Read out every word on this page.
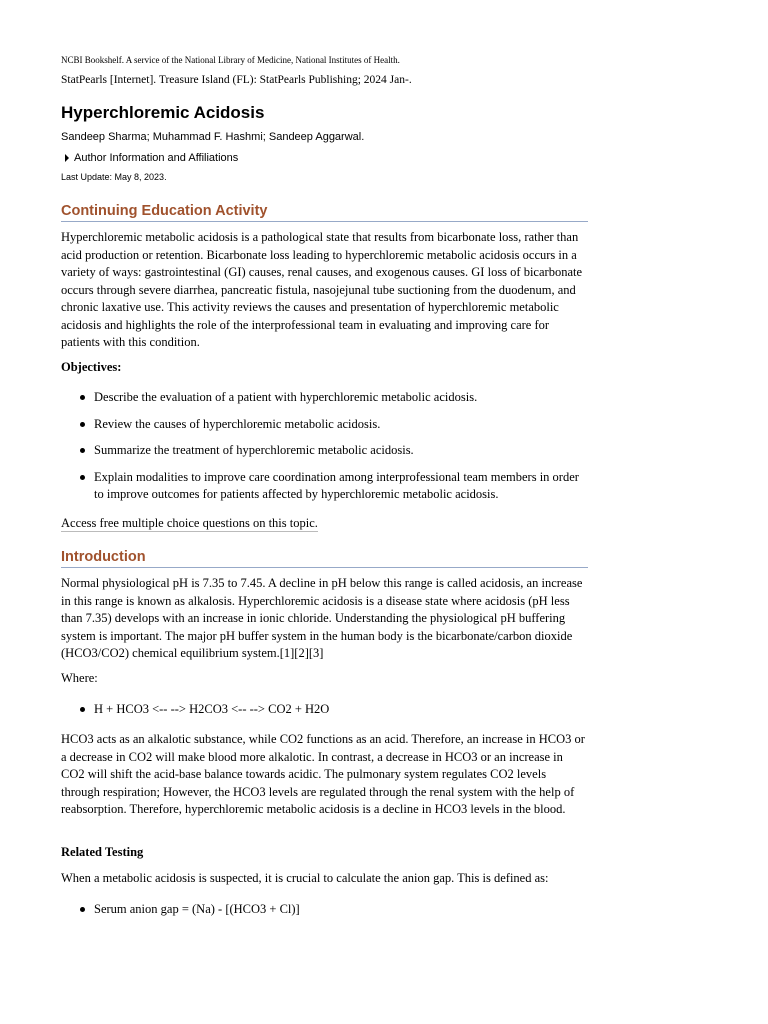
NCBI Bookshelf. A service of the National Library of Medicine, National Institutes of Health.
StatPearls [Internet]. Treasure Island (FL): StatPearls Publishing; 2024 Jan-.
Hyperchloremic Acidosis
Sandeep Sharma; Muhammad F. Hashmi; Sandeep Aggarwal.
Author Information and Affiliations
Last Update: May 8, 2023.
Continuing Education Activity

Hyperchloremic metabolic acidosis is a pathological state that results from bicarbonate loss, rather than acid production or retention. Bicarbonate loss leading to hyperchloremic metabolic acidosis occurs in a variety of ways: gastrointestinal (GI) causes, renal causes, and exogenous causes. GI loss of bicarbonate occurs through severe diarrhea, pancreatic fistula, nasojejunal tube suctioning from the duodenum, and chronic laxative use. This activity reviews the causes and presentation of hyperchloremic metabolic acidosis and highlights the role of the interprofessional team in evaluating and improving care for patients with this condition.

Objectives:
Describe the evaluation of a patient with hyperchloremic metabolic acidosis.
Review the causes of hyperchloremic metabolic acidosis.
Summarize the treatment of hyperchloremic metabolic acidosis.
Explain modalities to improve care coordination among interprofessional team members in order to improve outcomes for patients affected by hyperchloremic metabolic acidosis.
Access free multiple choice questions on this topic.
Introduction

Normal physiological pH is 7.35 to 7.45. A decline in pH below this range is called acidosis, an increase in this range is known as alkalosis. Hyperchloremic acidosis is a disease state where acidosis (pH less than 7.35) develops with an increase in ionic chloride. Understanding the physiological pH buffering system is important. The major pH buffer system in the human body is the bicarbonate/carbon dioxide (HCO3/CO2) chemical equilibrium system.[1][2][3]

Where:
H + HCO3 <-- --> H2CO3 <-- --> CO2 + H2O

HCO3 acts as an alkalotic substance, while CO2 functions as an acid. Therefore, an increase in HCO3 or a decrease in CO2 will make blood more alkalotic. In contrast, a decrease in HCO3 or an increase in CO2 will shift the acid-base balance towards acidic. The pulmonary system regulates CO2 levels through respiration; However, the HCO3 levels are regulated through the renal system with the help of reabsorption. Therefore, hyperchloremic metabolic acidosis is a decline in HCO3 levels in the blood.

Related Testing
When a metabolic acidosis is suspected, it is crucial to calculate the anion gap. This is defined as:
Serum anion gap = (Na) - [(HCO3 + Cl)]
